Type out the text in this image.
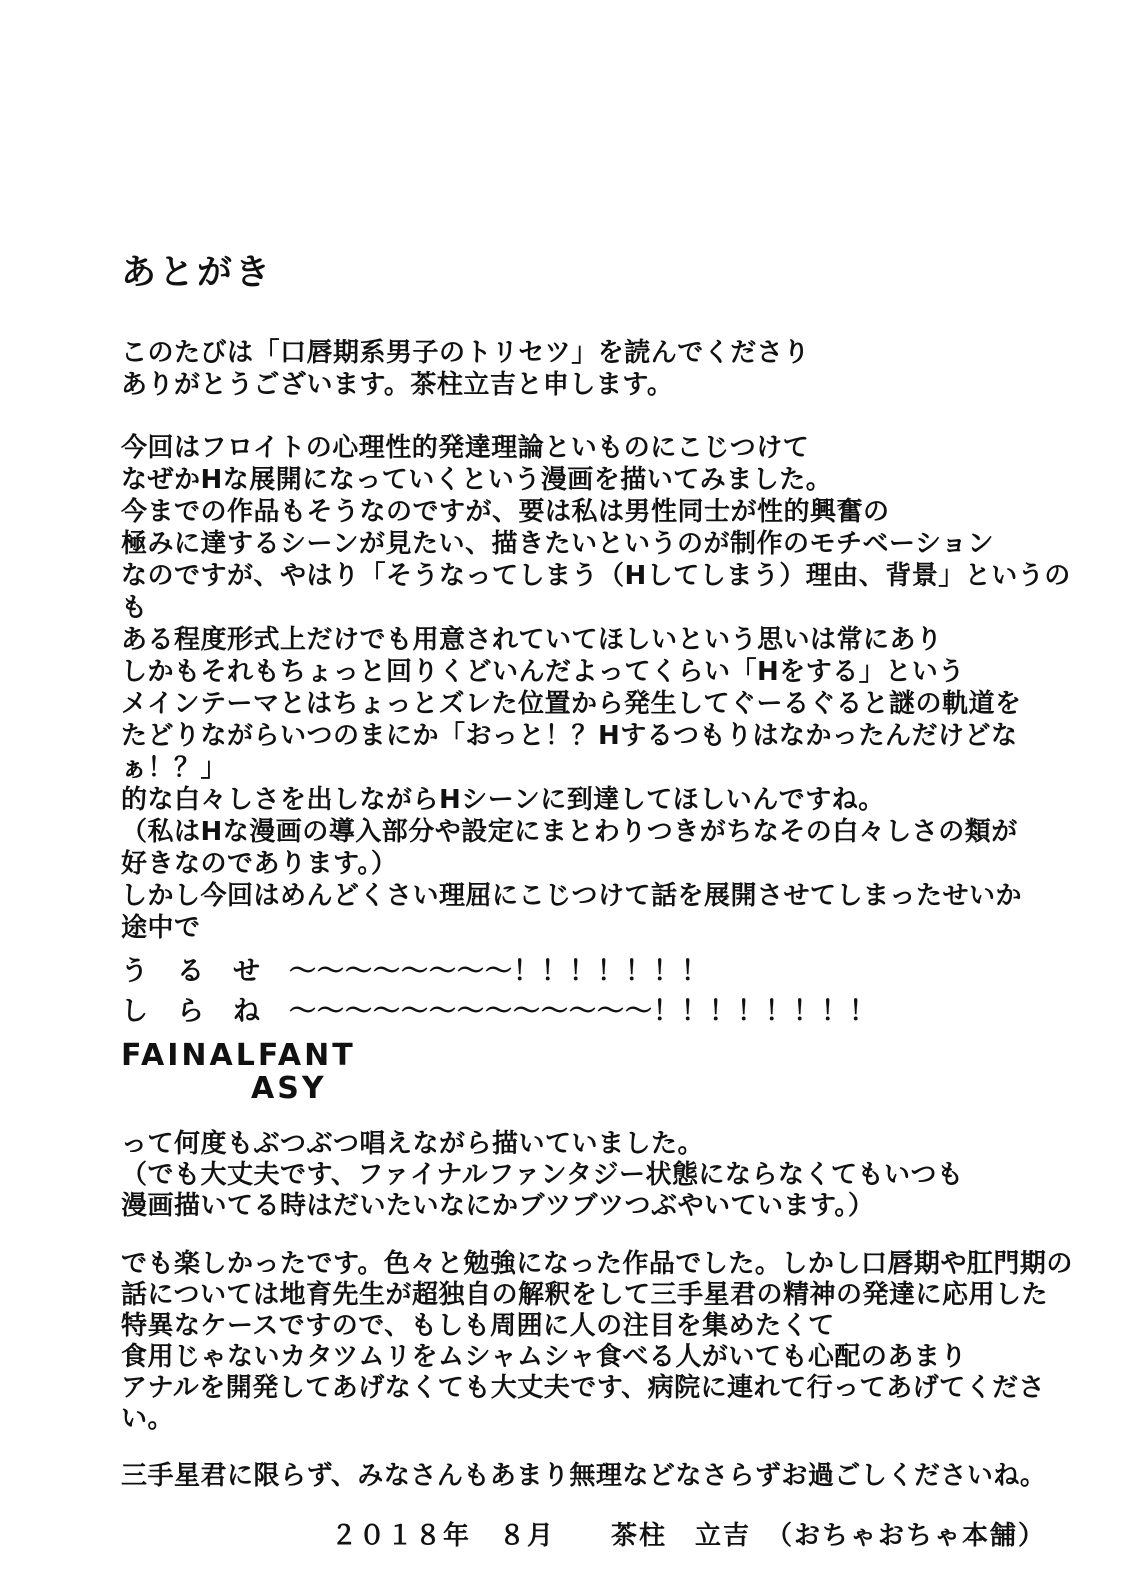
あとがき

このたびは「口唇期系男子のトリセツ」を読んでくださり

ありがとうございます。茶柱立吉と申します。

今回はフロイトの心理性的発達理論といものにこじつけて

なぜかHな展開になっていくという漫画を描いてみました。

今までの作品もそうなのですが、要は私は男性同士が性的興奮の

極みに達するシーンが見たい、描きたいというのが制作のモチベーション

なのですが、やはり「そうなってしまう（Hしてしまう）理由、背景」というのも

ある程度形式上だけでも用意されていてほしいという思いは常にあり

しかもそれもちょっと回りくどいんだよってくらい「Hをする」という

メインテーマとはちょっとズレた位置から発生してぐーるぐると謎の軌道を

たどりながらいつのまにか「おっと！？Hするつもりはなかったんだけどなぁ！？」

的な白々しさを出しながらHシーンに到達してほしいんですね。

（私はHな漫画の導入部分や設定にまとわりつきがちなその白々しさの類が

好きなのであります。）

しかし今回はめんどくさい理屈にこじつけて話を展開させてしまったせいか

途中で

う　る　せ　～～～～～～～～！！！！！！！

し　ら　ね　～～～～～～～～～～～～～！！！！！！！！

FAINALFANT

ASY

って何度もぶつぶつ唱えながら描いていました。

（でも大丈夫です、ファイナルファンタジー状態にならなくてもいつも

漫画描いてる時はだいたいなにかブツブツつぶやいています。）

でも楽しかったです。色々と勉強になった作品でした。しかし口唇期や肛門期の

話については地育先生が超独自の解釈をして三手星君の精神の発達に応用した

特異なケースですので、もしも周囲に人の注目を集めたくて

食用じゃないカタツムリをムシャムシャ食べる人がいても心配のあまり

アナルを開発してあげなくても大丈夫です、病院に連れて行ってあげてください。

三手星君に限らず、みなさんもあまり無理などなさらずお過ごしくださいね。

２０１８年　８月　　茶柱　立吉　（おちゃおちゃ本舗）
